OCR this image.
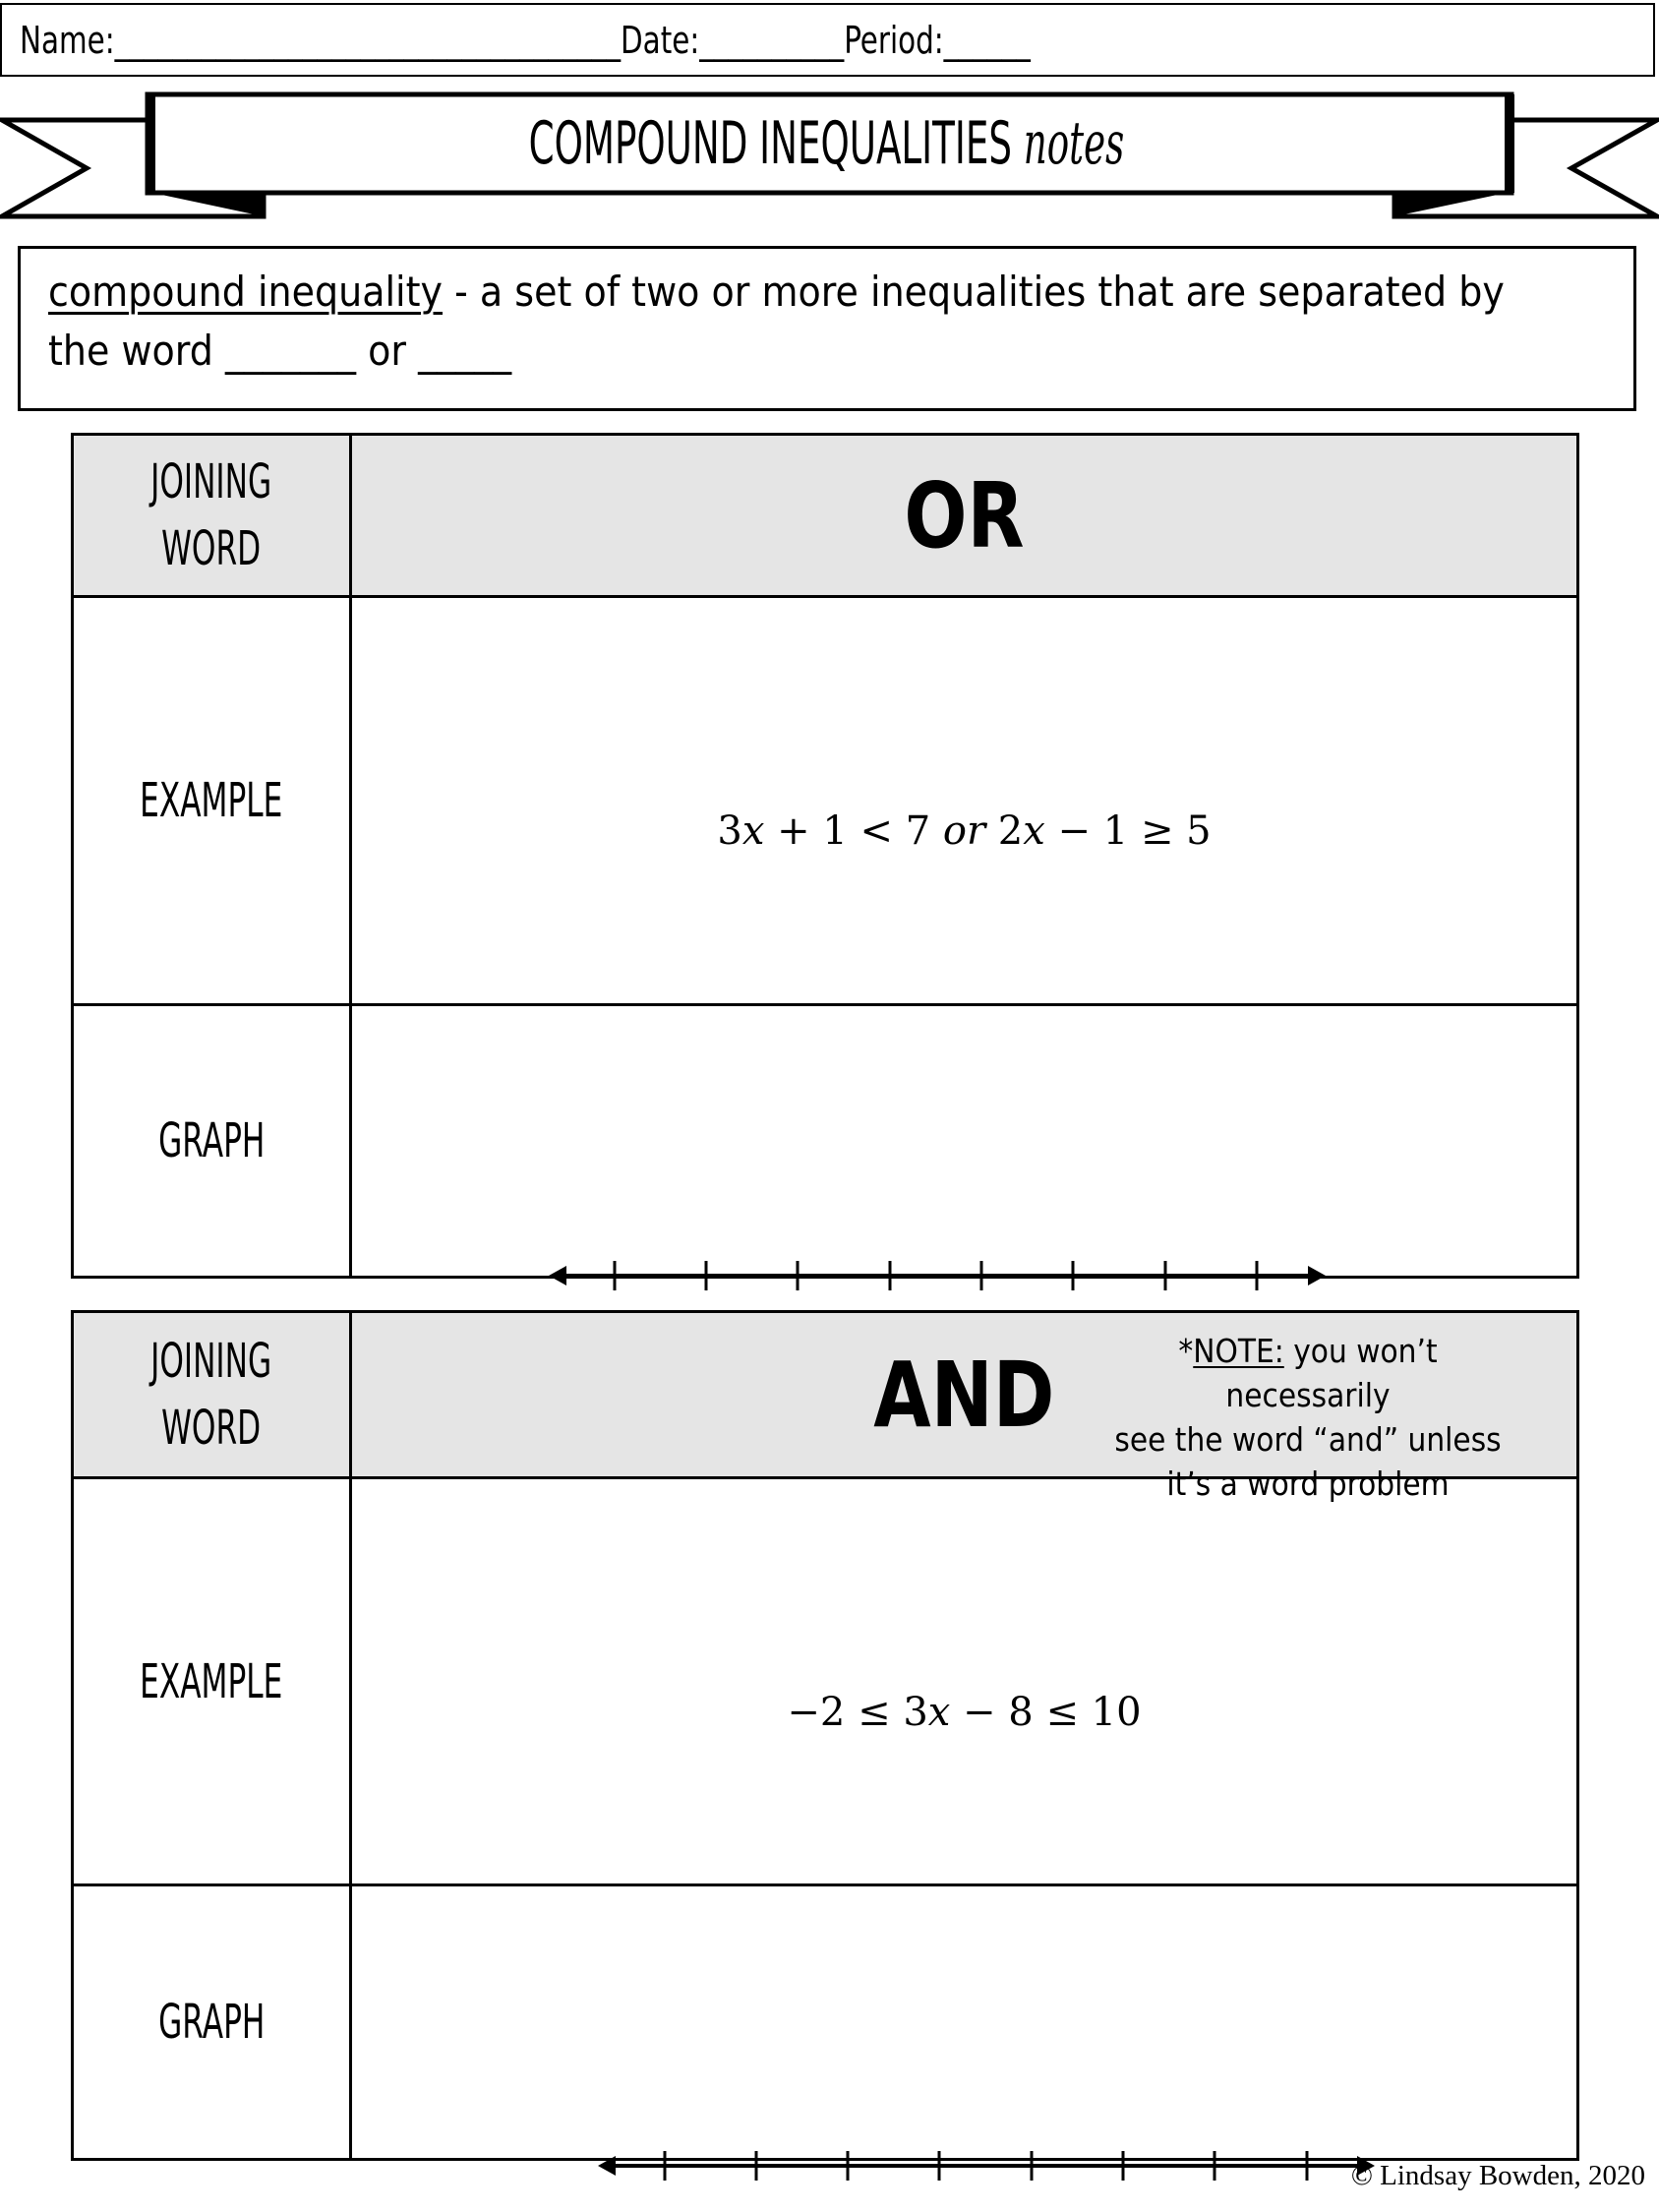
Name:___________________________________Date:__________Period:______
COMPOUND INEQUALITIES notes
compound inequality - a set of two or more inequalities that are separated by
the word _______ or _____
JOINING
WORD	OR
EXAMPLE	3x + 1 < 7 or 2x − 1 ≥ 5

GRAPH	
JOINING
WORD	AND	*NOTE: you won’t necessarily
see the word “and” unless
it’s a word problem

EXAMPLE	−2 ≤ 3x − 8 ≤ 10

GRAPH	
© Lindsay Bowden, 2020
